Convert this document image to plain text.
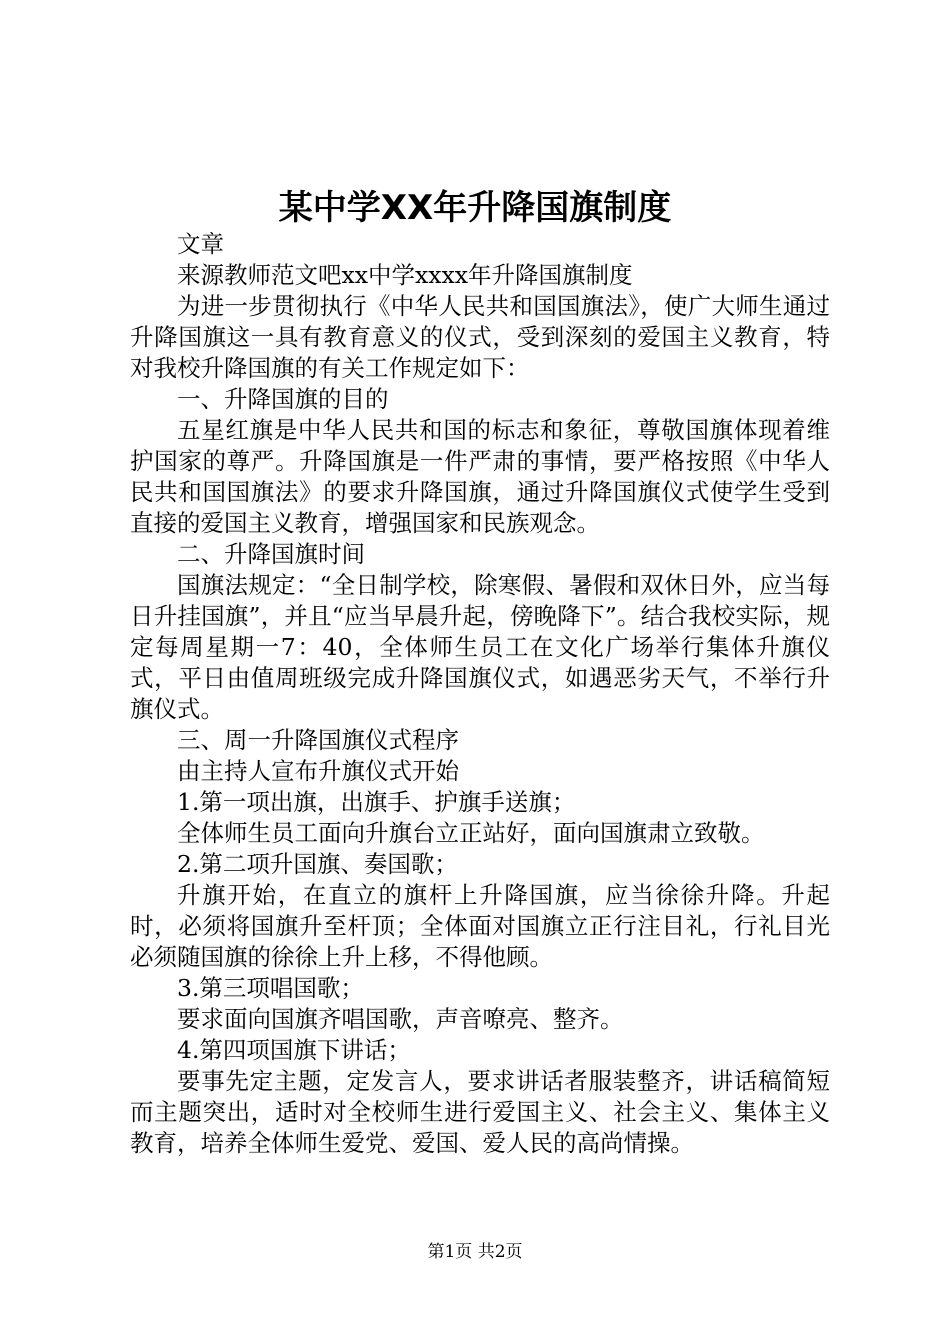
某中学XX年升降国旗制度

文章

来源教师范文吧xx中学xxxx年升降国旗制度

为进一步贯彻执行《中华人民共和国国旗法》，使广大师生通过升降国旗这一具有教育意义的仪式，受到深刻的爱国主义教育，特对我校升降国旗的有关工作规定如下：

一、升降国旗的目的

五星红旗是中华人民共和国的标志和象征，尊敬国旗体现着维护国家的尊严。升降国旗是一件严肃的事情，要严格按照《中华人民共和国国旗法》的要求升降国旗，通过升降国旗仪式使学生受到直接的爱国主义教育，增强国家和民族观念。

二、升降国旗时间

国旗法规定：“全日制学校，除寒假、暑假和双休日外，应当每日升挂国旗”，并且“应当早晨升起，傍晚降下”。结合我校实际，规定每周星期一7：40，全体师生员工在文化广场举行集体升旗仪式，平日由值周班级完成升降国旗仪式，如遇恶劣天气，不举行升旗仪式。

三、周一升降国旗仪式程序

由主持人宣布升旗仪式开始

1.第一项出旗，出旗手、护旗手送旗；

全体师生员工面向升旗台立正站好，面向国旗肃立致敬。

2.第二项升国旗、奏国歌；

升旗开始，在直立的旗杆上升降国旗，应当徐徐升降。升起时，必须将国旗升至杆顶；全体面对国旗立正行注目礼，行礼目光必须随国旗的徐徐上升上移，不得他顾。

3.第三项唱国歌；

要求面向国旗齐唱国歌，声音嘹亮、整齐。

4.第四项国旗下讲话；

要事先定主题，定发言人，要求讲话者服装整齐，讲话稿简短而主题突出，适时对全校师生进行爱国主义、社会主义、集体主义教育，培养全体师生爱党、爱国、爱人民的高尚情操。

第1页 共2页
